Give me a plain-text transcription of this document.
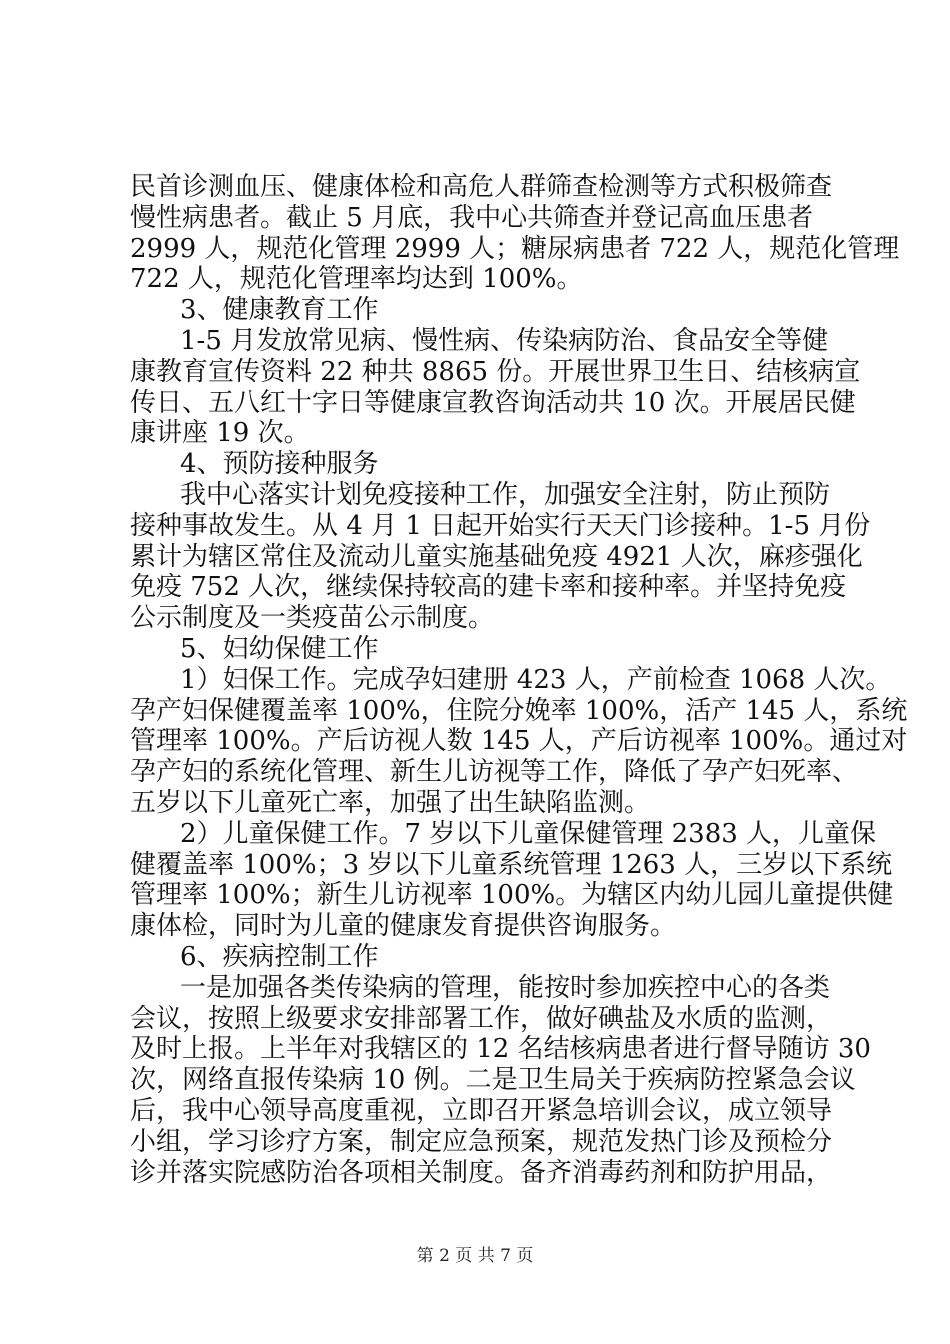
民首诊测血压、健康体检和高危人群筛查检测等方式积极筛查
慢性病患者。截止 5 月底，我中心共筛查并登记高血压患者
2999 人，规范化管理 2999 人；糖尿病患者 722 人，规范化管理
722 人，规范化管理率均达到 100%。
3、健康教育工作
1-5 月发放常见病、慢性病、传染病防治、食品安全等健
康教育宣传资料 22 种共 8865 份。开展世界卫生日、结核病宣
传日、五八红十字日等健康宣教咨询活动共 10 次。开展居民健
康讲座 19 次。
4、预防接种服务
我中心落实计划免疫接种工作，加强安全注射，防止预防
接种事故发生。从 4 月 1 日起开始实行天天门诊接种。1-5 月份
累计为辖区常住及流动儿童实施基础免疫 4921 人次，麻疹强化
免疫 752 人次，继续保持较高的建卡率和接种率。并坚持免疫
公示制度及一类疫苗公示制度。
5、妇幼保健工作
1）妇保工作。完成孕妇建册 423 人，产前检查 1068 人次。
孕产妇保健覆盖率 100%，住院分娩率 100%，活产 145 人，系统
管理率 100%。产后访视人数 145 人，产后访视率 100%。通过对
孕产妇的系统化管理、新生儿访视等工作，降低了孕产妇死率、
五岁以下儿童死亡率，加强了出生缺陷监测。
2）儿童保健工作。7 岁以下儿童保健管理 2383 人，儿童保
健覆盖率 100%；3 岁以下儿童系统管理 1263 人，三岁以下系统
管理率 100%；新生儿访视率 100%。为辖区内幼儿园儿童提供健
康体检，同时为儿童的健康发育提供咨询服务。
6、疾病控制工作
一是加强各类传染病的管理，能按时参加疾控中心的各类
会议，按照上级要求安排部署工作，做好碘盐及水质的监测，
及时上报。上半年对我辖区的 12 名结核病患者进行督导随访 30
次，网络直报传染病 10 例。二是卫生局关于疾病防控紧急会议
后，我中心领导高度重视，立即召开紧急培训会议，成立领导
小组，学习诊疗方案，制定应急预案，规范发热门诊及预检分
诊并落实院感防治各项相关制度。备齐消毒药剂和防护用品，
第 2 页 共 7 页
